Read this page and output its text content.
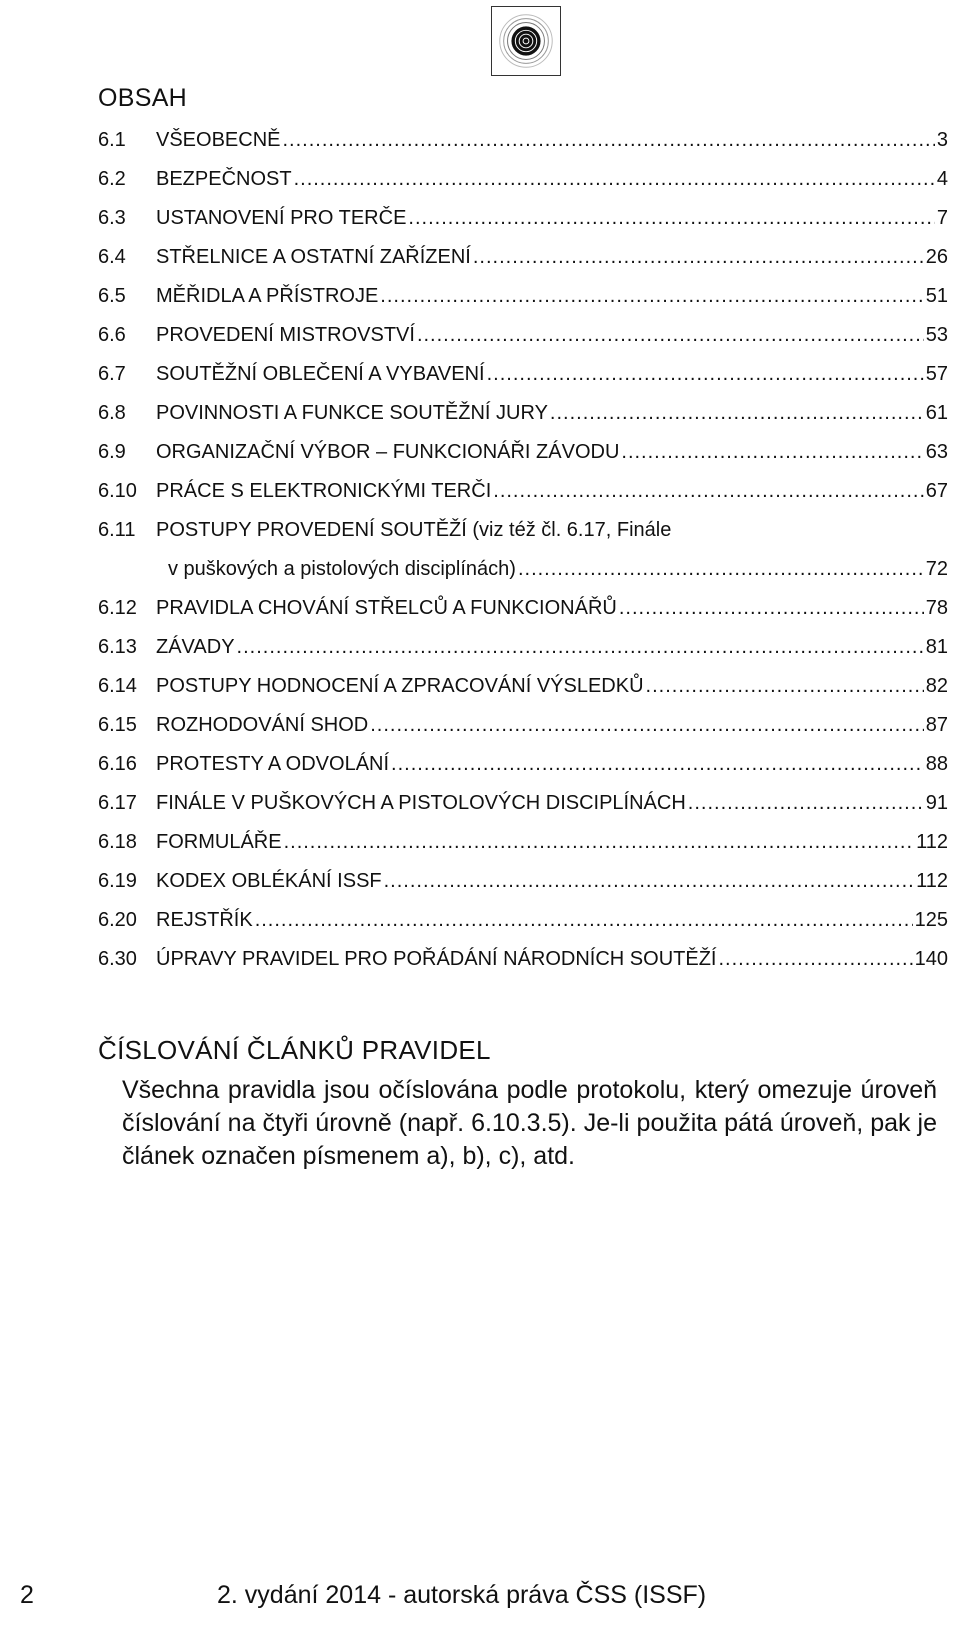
OBSAH
6.1	VŠEOBECNĚ .....	3
6.2	BEZPEČNOST .....	4
6.3	USTANOVENÍ PRO TERČE .....	7
6.4	STŘELNICE A OSTATNÍ ZAŘÍZENÍ .....	26
6.5	MĚŘIDLA A PŘÍSTROJE .....	51
6.6	PROVEDENÍ MISTROVSTVÍ .....	53
6.7	SOUTĚŽNÍ OBLEČENÍ A VYBAVENÍ .....	57
6.8	POVINNOSTI A FUNKCE SOUTĚŽNÍ JURY .....	61
6.9	ORGANIZAČNÍ VÝBOR – FUNKCIONÁŘI ZÁVODU .....	63
6.10 PRÁCE S ELEKTRONICKÝMI TERČI .....	67
6.11	POSTUPY PROVEDENÍ SOUTĚŽÍ (viz též čl. 6.17, Finále
v puškových a pistolových disciplínách) .....	72
6.12 PRAVIDLA CHOVÁNÍ STŘELCŮ A FUNKCIONÁŘŮ .....	78
6.13 ZÁVADY .....	81
6.14 POSTUPY HODNOCENÍ A ZPRACOVÁNÍ VÝSLEDKŮ .....	82
6.15 ROZHODOVÁNÍ SHOD .....	87
6.16 PROTESTY A ODVOLÁNÍ .....	88
6.17 FINÁLE V PUŠKOVÝCH A PISTOLOVÝCH DISCIPLÍNÁCH .....	91
6.18 FORMULÁŘE .....	112
6.19 KODEX OBLÉKÁNÍ ISSF .....	112
6.20 REJSTŘÍK .....	125
6.30 ÚPRAVY PRAVIDEL PRO POŘÁDÁNÍ NÁRODNÍCH SOUTĚŽÍ .....	140
ČÍSLOVÁNÍ ČLÁNKŮ PRAVIDEL
Všechna pravidla jsou očíslována podle protokolu, který omezuje úroveň číslování na čtyři úrovně (např. 6.10.3.5). Je-li použita pátá úroveň, pak je článek označen písmenem a), b), c), atd.
2	2. vydání 2014 - autorská práva ČSS (ISSF)
